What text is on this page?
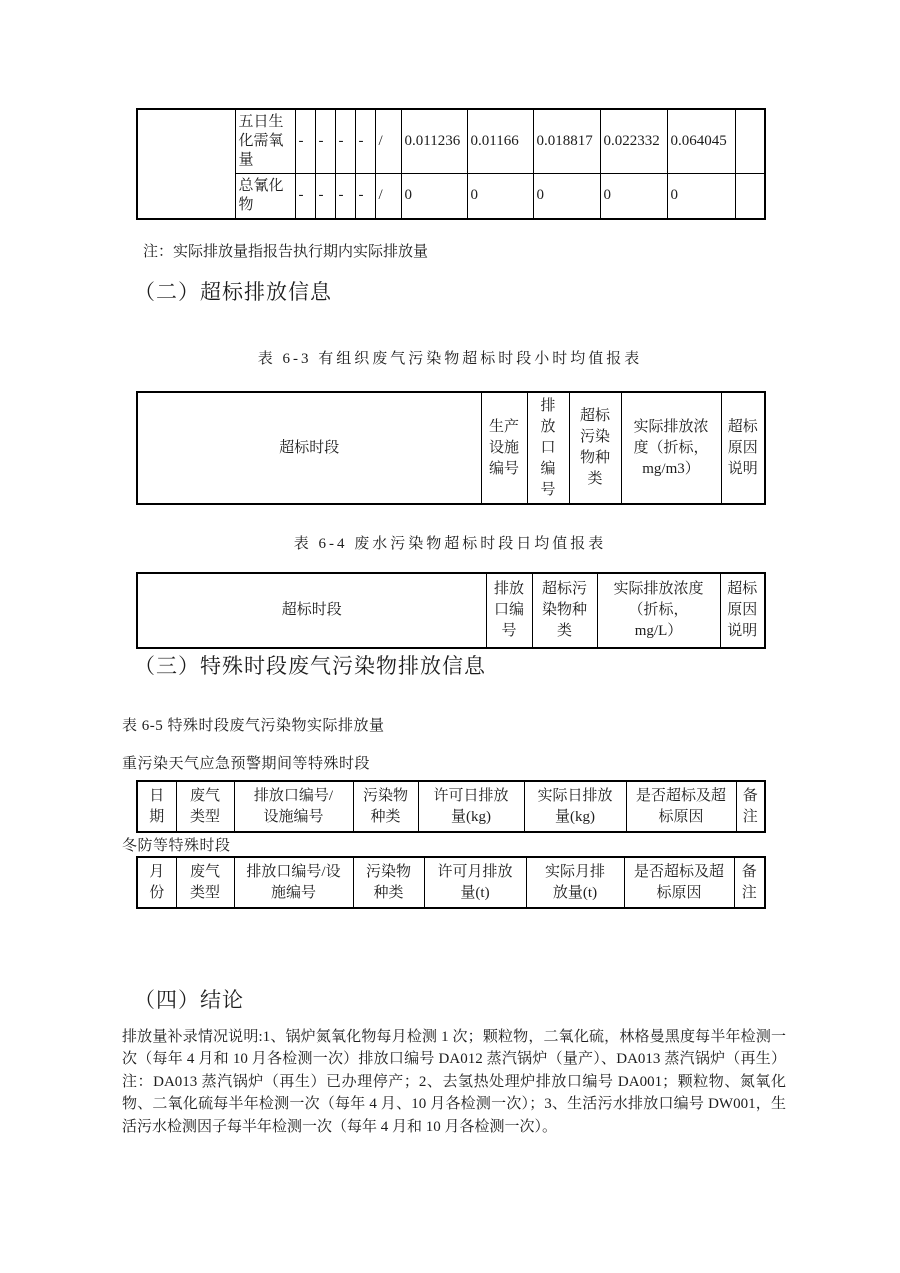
	五日生化需氧量	-	-	-	-	/	0.011236	0.01166	0.018817	0.022332	0.064045	
	总氰化物	-	-	-	-	/	0	0	0	0	0	
注：实际排放量指报告执行期内实际排放量
（二）超标排放信息
表 6-3 有组织废气污染物超标时段小时均值报表
超标时段	生产设施编号	排放口编号	超标污染物种类	实际排放浓度（折标，mg/m3）	超标原因说明
表 6-4 废水污染物超标时段日均值报表
超标时段	排放口编号	超标污染物种类	实际排放浓度（折标，mg/L）	超标原因说明
（三）特殊时段废气污染物排放信息
表 6-5 特殊时段废气污染物实际排放量
重污染天气应急预警期间等特殊时段
日期	废气类型	排放口编号/设施编号	污染物种类	许可日排放量(kg)	实际日排放量(kg)	是否超标及超标原因	备注
冬防等特殊时段
月份	废气类型	排放口编号/设施编号	污染物种类	许可月排放量(t)	实际月排放量(t)	是否超标及超标原因	备注
（四）结论
排放量补录情况说明:1、锅炉氮氧化物每月检测 1 次；颗粒物，二氧化硫，林格曼黑度每半年检测一次（每年 4 月和 10 月各检测一次）排放口编号 DA012 蒸汽锅炉（量产）、DA013 蒸汽锅炉（再生）注：DA013 蒸汽锅炉（再生）已办理停产；2、去氢热处理炉排放口编号 DA001；颗粒物、氮氧化物、二氧化硫每半年检测一次（每年 4 月、10 月各检测一次）；3、生活污水排放口编号 DW001，生活污水检测因子每半年检测一次（每年 4 月和 10 月各检测一次）。
